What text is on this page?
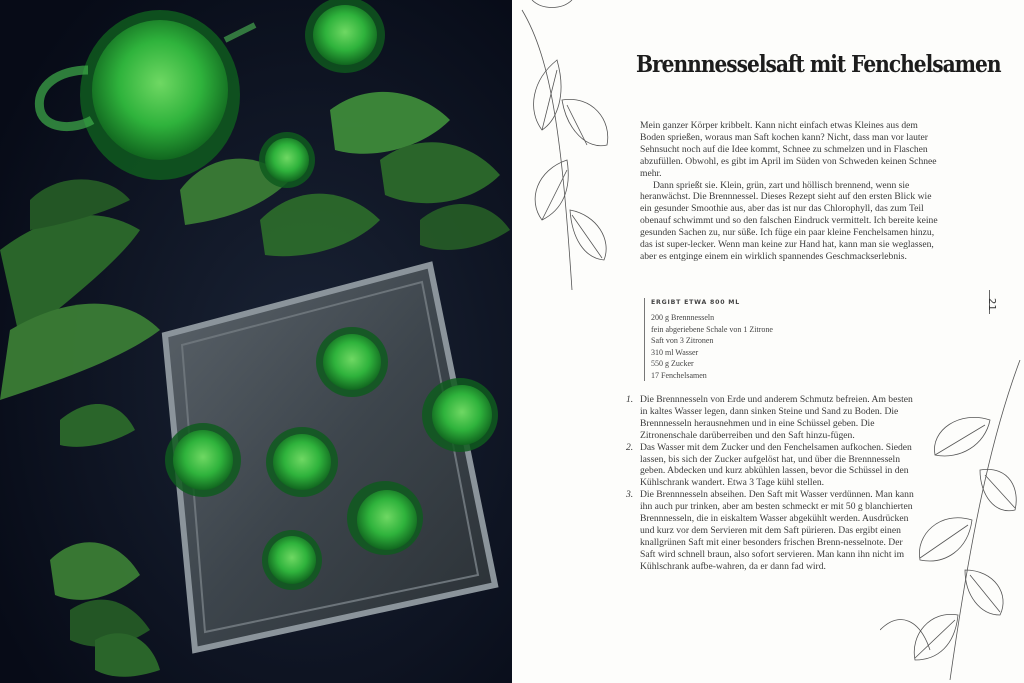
Brennnesselsaft mit Fenchelsamen

Mein ganzer Körper kribbelt. Kann nicht einfach etwas Kleines aus dem Boden sprießen, woraus man Saft kochen kann? Nicht, dass man vor lauter Sehnsucht noch auf die Idee kommt, Schnee zu schmelzen und in Flaschen abzufüllen. Obwohl, es gibt im April im Süden von Schweden keinen Schnee mehr.

Dann sprießt sie. Klein, grün, zart und höllisch brennend, wenn sie heranwächst. Die Brennnessel. Dieses Rezept sieht auf den ersten Blick wie ein gesunder Smoothie aus, aber das ist nur das Chlorophyll, das zum Teil obenauf schwimmt und so den falschen Eindruck vermittelt. Ich bereite keine gesunden Sachen zu, nur süße. Ich füge ein paar kleine Fenchelsamen hinzu, das ist super-lecker. Wenn man keine zur Hand hat, kann man sie weglassen, aber es entginge einem ein wirklich spannendes Geschmackserlebnis.

ERGIBT ETWA 800 ML
200 g Brennnesseln
fein abgeriebene Schale von 1 Zitrone
Saft von 3 Zitronen
310 ml Wasser
550 g Zucker
17 Fenchelsamen
1. Die Brennnesseln von Erde und anderem Schmutz befreien. Am besten in kaltes Wasser legen, dann sinken Steine und Sand zu Boden. Die Brennnesseln herausnehmen und in eine Schüssel geben. Die Zitronenschale darüberreiben und den Saft hinzu-fügen.
2. Das Wasser mit dem Zucker und den Fenchelsamen aufkochen. Sieden lassen, bis sich der Zucker aufgelöst hat, und über die Brennnesseln geben. Abdecken und kurz abkühlen lassen, bevor die Schüssel in den Kühlschrank wandert. Etwa 3 Tage kühl stellen.
3. Die Brennnesseln abseihen. Den Saft mit Wasser verdünnen. Man kann ihn auch pur trinken, aber am besten schmeckt er mit 50 g blanchierten Brennnesseln, die in eiskaltem Wasser abgekühlt werden. Ausdrücken und kurz vor dem Servieren mit dem Saft pürieren. Das ergibt einen knallgrünen Saft mit einer besonders frischen Brenn-nesselnote. Der Saft wird schnell braun, also sofort servieren. Man kann ihn nicht im Kühlschrank aufbe-wahren, da er dann fad wird.
21
